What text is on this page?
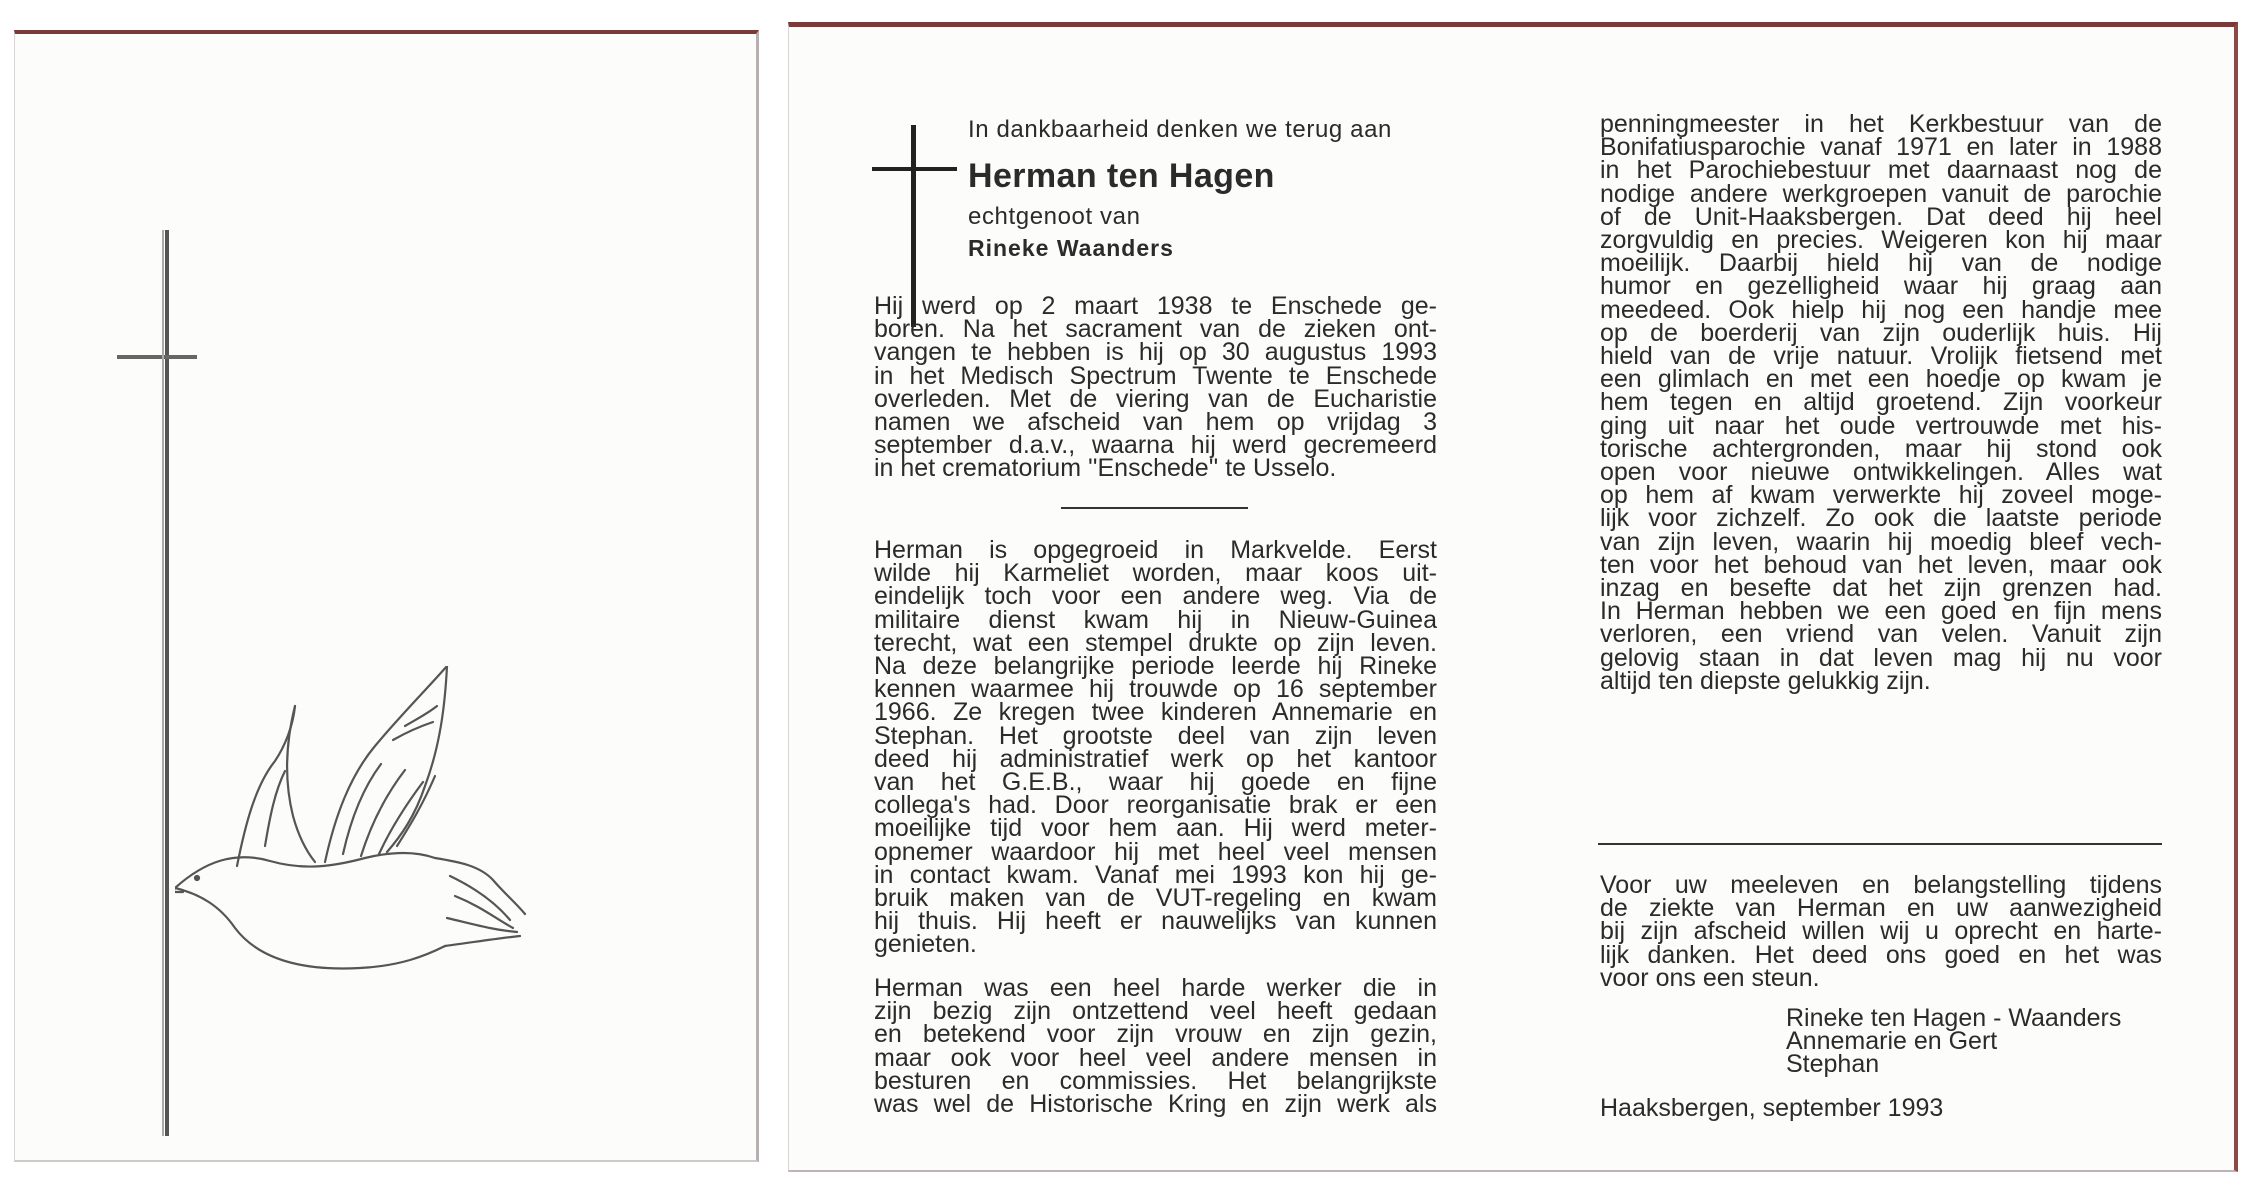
In dankbaarheid denken we terug aan
Herman ten Hagen
echtgenoot van
Rineke Waanders

Hij werd op 2 maart 1938 te Enschede ge-

boren. Na het sacrament van de zieken ont-

vangen te hebben is hij op 30 augustus 1993

in het Medisch Spectrum Twente te Enschede

overleden. Met de viering van de Eucharistie

namen we afscheid van hem op vrijdag 3

september d.a.v., waarna hij werd gecremeerd

in het crematorium ''Enschede'' te Usselo.

Herman is opgegroeid in Markvelde. Eerst

wilde hij Karmeliet worden, maar koos uit-

eindelijk toch voor een andere weg. Via de

militaire dienst kwam hij in Nieuw-Guinea

terecht, wat een stempel drukte op zijn leven.

Na deze belangrijke periode leerde hij Rineke

kennen waarmee hij trouwde op 16 september

1966. Ze kregen twee kinderen Annemarie en

Stephan. Het grootste deel van zijn leven

deed hij administratief werk op het kantoor

van het G.E.B., waar hij goede en fijne

collega's had. Door reorganisatie brak er een

moeilijke tijd voor hem aan. Hij werd meter-

opnemer waardoor hij met heel veel mensen

in contact kwam. Vanaf mei 1993 kon hij ge-

bruik maken van de VUT-regeling en kwam

hij thuis. Hij heeft er nauwelijks van kunnen

genieten.

Herman was een heel harde werker die in

zijn bezig zijn ontzettend veel heeft gedaan

en betekend voor zijn vrouw en zijn gezin,

maar ook voor heel veel andere mensen in

besturen en commissies. Het belangrijkste

was wel de Historische Kring en zijn werk als

penningmeester in het Kerkbestuur van de

Bonifatiusparochie vanaf 1971 en later in 1988

in het Parochiebestuur met daarnaast nog de

nodige andere werkgroepen vanuit de parochie

of de Unit-Haaksbergen. Dat deed hij heel

zorgvuldig en precies. Weigeren kon hij maar

moeilijk. Daarbij hield hij van de nodige

humor en gezelligheid waar hij graag aan

meedeed. Ook hielp hij nog een handje mee

op de boerderij van zijn ouderlijk huis. Hij

hield van de vrije natuur. Vrolijk fietsend met

een glimlach en met een hoedje op kwam je

hem tegen en altijd groetend. Zijn voorkeur

ging uit naar het oude vertrouwde met his-

torische achtergronden, maar hij stond ook

open voor nieuwe ontwikkelingen. Alles wat

op hem af kwam verwerkte hij zoveel moge-

lijk voor zichzelf. Zo ook die laatste periode

van zijn leven, waarin hij moedig bleef vech-

ten voor het behoud van het leven, maar ook

inzag en besefte dat het zijn grenzen had.

In Herman hebben we een goed en fijn mens

verloren, een vriend van velen. Vanuit zijn

gelovig staan in dat leven mag hij nu voor

altijd ten diepste gelukkig zijn.

Voor uw meeleven en belangstelling tijdens

de ziekte van Herman en uw aanwezigheid

bij zijn afscheid willen wij u oprecht en harte-

lijk danken. Het deed ons goed en het was

voor ons een steun.

Rineke ten Hagen - Waanders

Annemarie en Gert

Stephan

Haaksbergen, september 1993
